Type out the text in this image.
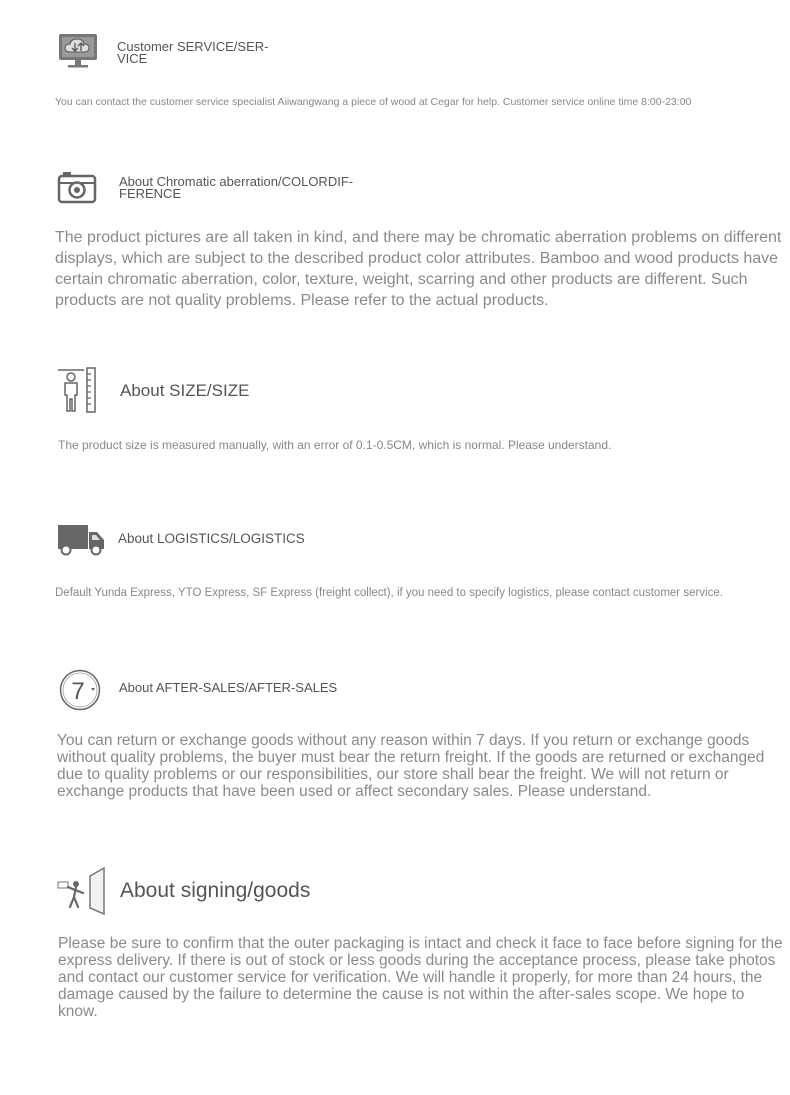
Customer SERVICE/SER-
VICE

You can contact the customer service specialist Aiiwangwang a piece of wood at Cegar for help. Customer service online time 8:00-23:00

About Chromatic aberration/COLORDIF-
FERENCE

The product pictures are all taken in kind, and there may be chromatic aberration problems on different displays, which are subject to the described product color attributes. Bamboo and wood products have certain chromatic aberration, color, texture, weight, scarring and other products are different. Such products are not quality problems. Please refer to the actual products.

About SIZE/SIZE

The product size is measured manually, with an error of 0.1-0.5CM, which is normal. Please understand.

About LOGISTICS/LOGISTICS

Default Yunda Express, YTO Express, SF Express (freight collect), if you need to specify logistics, please contact customer service.

7	About AFTER-SALES/AFTER-SALES

You can return or exchange goods without any reason within 7 days. If you return or exchange goods without quality problems, the buyer must bear the return freight. If the goods are returned or exchanged due to quality problems or our responsibilities, our store shall bear the freight. We will not return or exchange products that have been used or affect secondary sales. Please understand.

About signing/goods

Please be sure to confirm that the outer packaging is intact and check it face to face before signing for the express delivery. If there is out of stock or less goods during the acceptance process, please take photos and contact our customer service for verification. We will handle it properly, for more than 24 hours, the damage caused by the failure to determine the cause is not within the after-sales scope. We hope to know.
